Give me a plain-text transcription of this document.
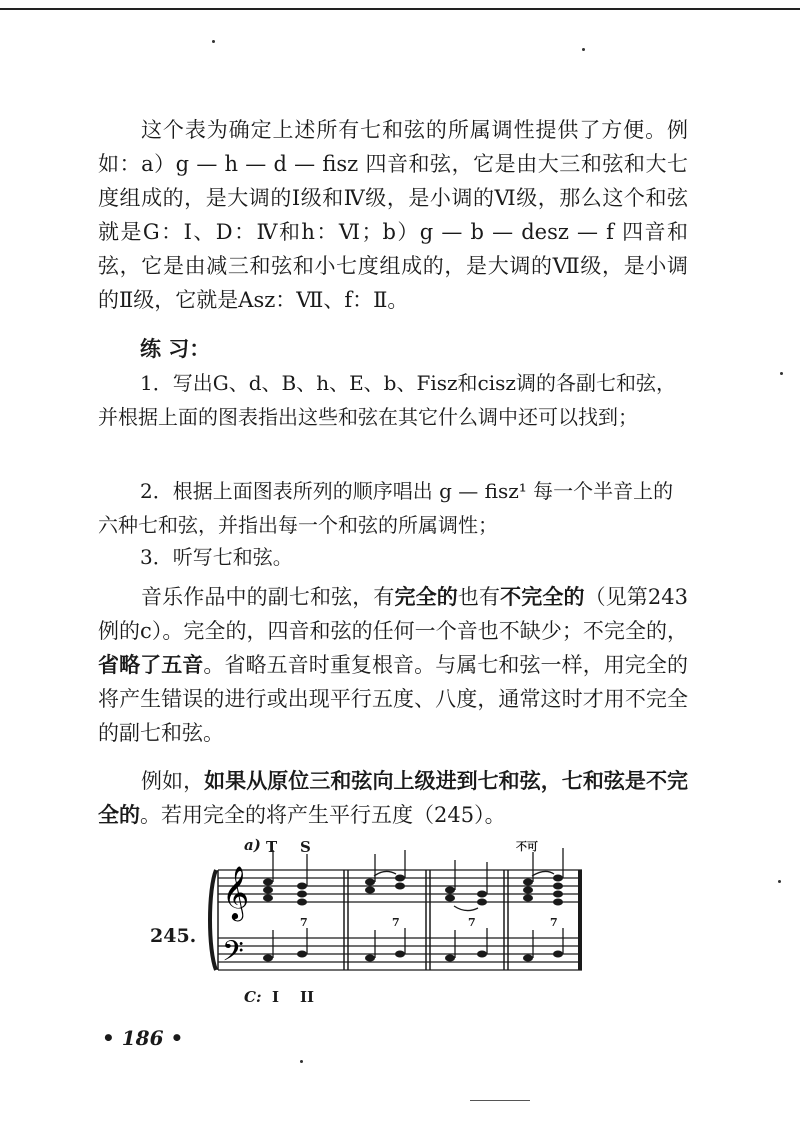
这个表为确定上述所有七和弦的所属调性提供了方便。例如：a）g — h — d — fisz 四音和弦，它是由大三和弦和大七度组成的，是大调的Ⅰ级和Ⅳ级，是小调的Ⅵ级，那么这个和弦就是G：Ⅰ、D：Ⅳ和h：Ⅵ；b）g — b — desz — f 四音和弦，它是由减三和弦和小七度组成的，是大调的Ⅶ级，是小调的Ⅱ级，它就是Asz：Ⅶ、f：Ⅱ。

练 习：

1．写出G、d、B、h、E、b、Fisz和cisz调的各副七和弦，并根据上面的图表指出这些和弦在其它什么调中还可以找到；

2．根据上面图表所列的顺序唱出 g — fisz¹ 每一个半音上的六种七和弦，并指出每一个和弦的所属调性；

3．听写七和弦。

音乐作品中的副七和弦，有完全的也有不完全的（见第243例的c）。完全的，四音和弦的任何一个音也不缺少；不完全的，省略了五音。省略五音时重复根音。与属七和弦一样，用完全的将产生错误的进行或出现平行五度、八度，通常这时才用不完全的副七和弦。

例如，如果从原位三和弦向上级进到七和弦，七和弦是不完全的。若用完全的将产生平行五度（245）。

𝄞
𝄢
a) T S	不可
245.
7	7	7	7
C: I II
• 186 •
